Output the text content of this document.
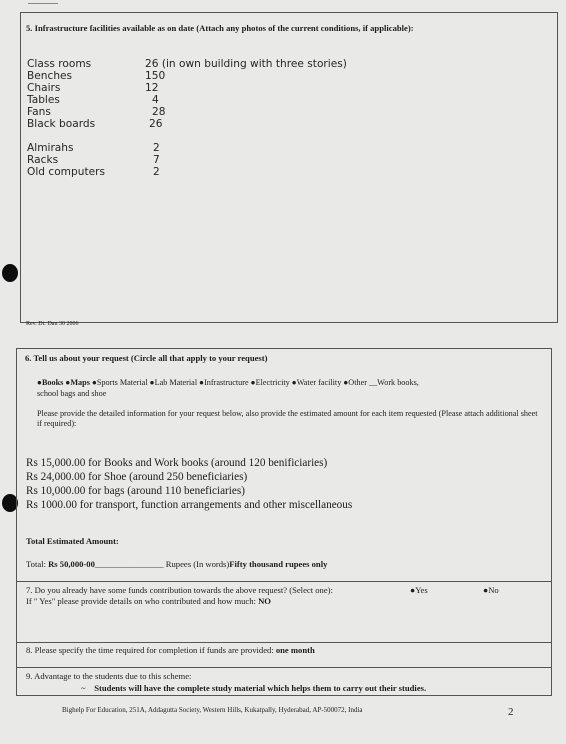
5. Infrastructure facilities available as on date (Attach any photos of the current conditions, if applicable):
Class rooms	26 (in own building with three stories)
Benches	150
Chairs	12
Tables	4
Fans	28
Black boards	26
Almirahs	2
Racks	7
Old computers	2
Rev. Dt: Dan 30 2006
6. Tell us about your request (Circle all that apply to your request)
●Books ●Maps ●Sports Material ●Lab Material ●Infrastructure ●Electricity ●Water facility ●Other __Work books,
school bags and shoe
Please provide the detailed information for your request below, also provide the estimated amount for each item requested (Please attach additional sheet if required):
Rs 15,000.00 for Books and Work books (around 120 benificiaries)
Rs 24,000.00 for Shoe (around 250 beneficiaries)
Rs 10,000.00 for bags (around 110 beneficiaries)
Rs 1000.00 for transport, function arrangements and other miscellaneous
Total Estimated Amount:
Total: Rs 50,000-00________________ Rupees (In words)Fifty thousand rupees only
7. Do you already have some funds contribution towards the above request? (Select one):	●Yes	●No
If " Yes" please provide details on who contributed and how much: NO
8. Please specify the time required for completion if funds are provided: one month
9. Advantage to the students due to this scheme:
~ Students will have the complete study material which helps them to carry out their studies.
Bighelp For Education, 251A, Addagutta Society, Western Hills, Kukatpally, Hyderabad, AP-500072, India	2
